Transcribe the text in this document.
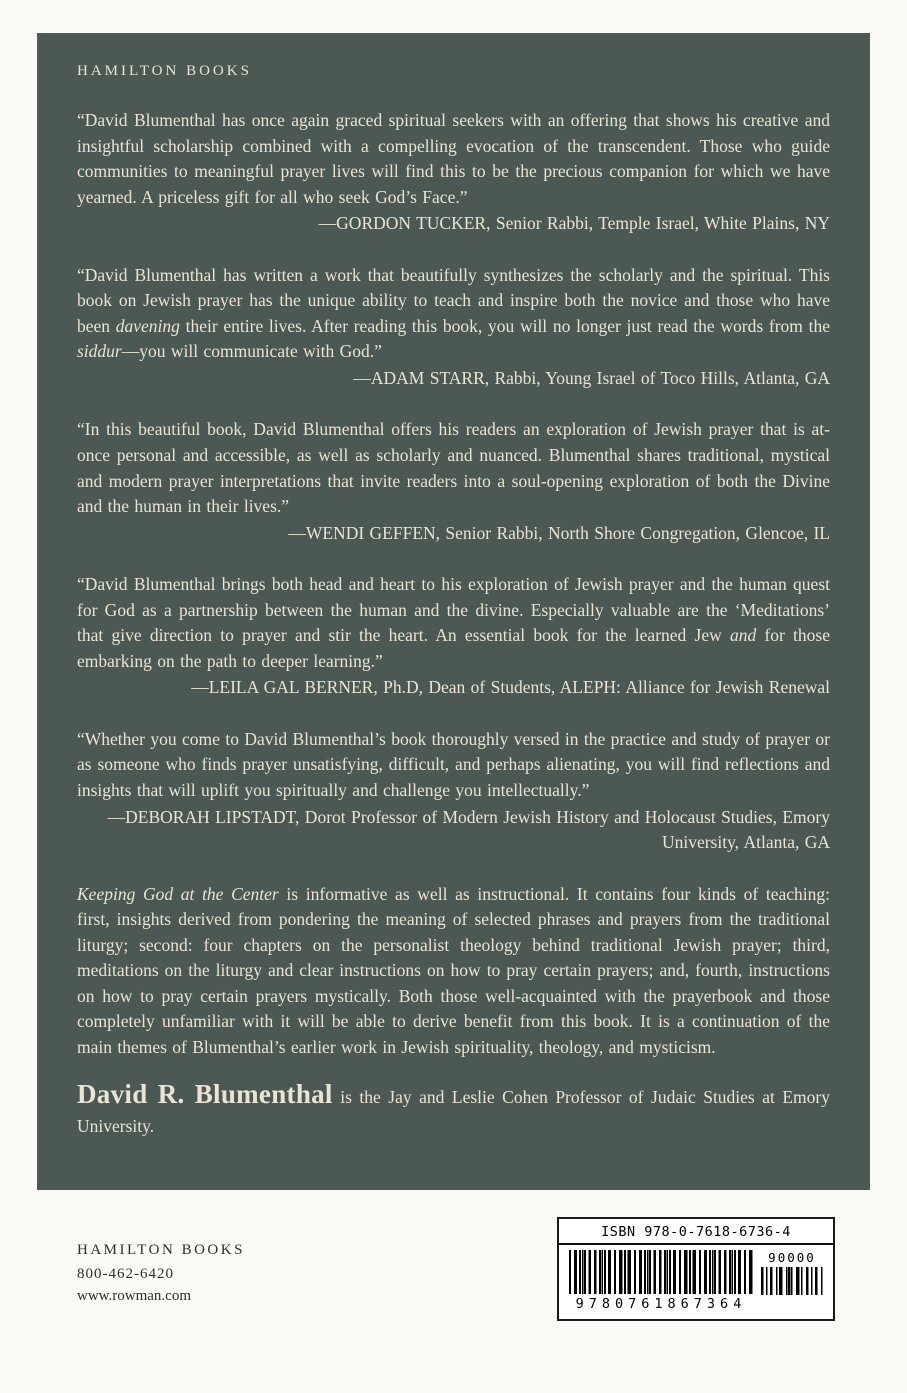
HAMILTON BOOKS

“David Blumenthal has once again graced spiritual seekers with an offering that shows his creative and insightful scholarship combined with a compelling evocation of the transcendent. Those who guide communities to meaningful prayer lives will find this to be the precious companion for which we have yearned. A priceless gift for all who seek God’s Face.”

—GORDON TUCKER, Senior Rabbi, Temple Israel, White Plains, NY

“David Blumenthal has written a work that beautifully synthesizes the scholarly and the spiritual. This book on Jewish prayer has the unique ability to teach and inspire both the novice and those who have been davening their entire lives. After reading this book, you will no longer just read the words from the siddur—you will communicate with God.”

—ADAM STARR, Rabbi, Young Israel of Toco Hills, Atlanta, GA

“In this beautiful book, David Blumenthal offers his readers an exploration of Jewish prayer that is at-once personal and accessible, as well as scholarly and nuanced. Blumenthal shares traditional, mystical and modern prayer interpretations that invite readers into a soul-opening exploration of both the Divine and the human in their lives.”

—WENDI GEFFEN, Senior Rabbi, North Shore Congregation, Glencoe, IL

“David Blumenthal brings both head and heart to his exploration of Jewish prayer and the human quest for God as a partnership between the human and the divine. Especially valuable are the ‘Meditations’ that give direction to prayer and stir the heart. An essential book for the learned Jew and for those embarking on the path to deeper learning.”

—LEILA GAL BERNER, Ph.D, Dean of Students, ALEPH: Alliance for Jewish Renewal

“Whether you come to David Blumenthal’s book thoroughly versed in the practice and study of prayer or as someone who finds prayer unsatisfying, difficult, and perhaps alienating, you will find reflections and insights that will uplift you spiritually and challenge you intellectually.”

—DEBORAH LIPSTADT, Dorot Professor of Modern Jewish History and Holocaust Studies, Emory University, Atlanta, GA

Keeping God at the Center is informative as well as instructional. It contains four kinds of teaching: first, insights derived from pondering the meaning of selected phrases and prayers from the traditional liturgy; second: four chapters on the personalist theology behind traditional Jewish prayer; third, meditations on the liturgy and clear instructions on how to pray certain prayers; and, fourth, instructions on how to pray certain prayers mystically. Both those well-acquainted with the prayerbook and those completely unfamiliar with it will be able to derive benefit from this book. It is a continuation of the main themes of Blumenthal’s earlier work in Jewish spirituality, theology, and mysticism.

David R. Blumenthal is the Jay and Leslie Cohen Professor of Judaic Studies at Emory University.

HAMILTON BOOKS
800-462-6420
www.rowman.com
ISBN 978-0-7618-6736-4
9780761867364
90000
